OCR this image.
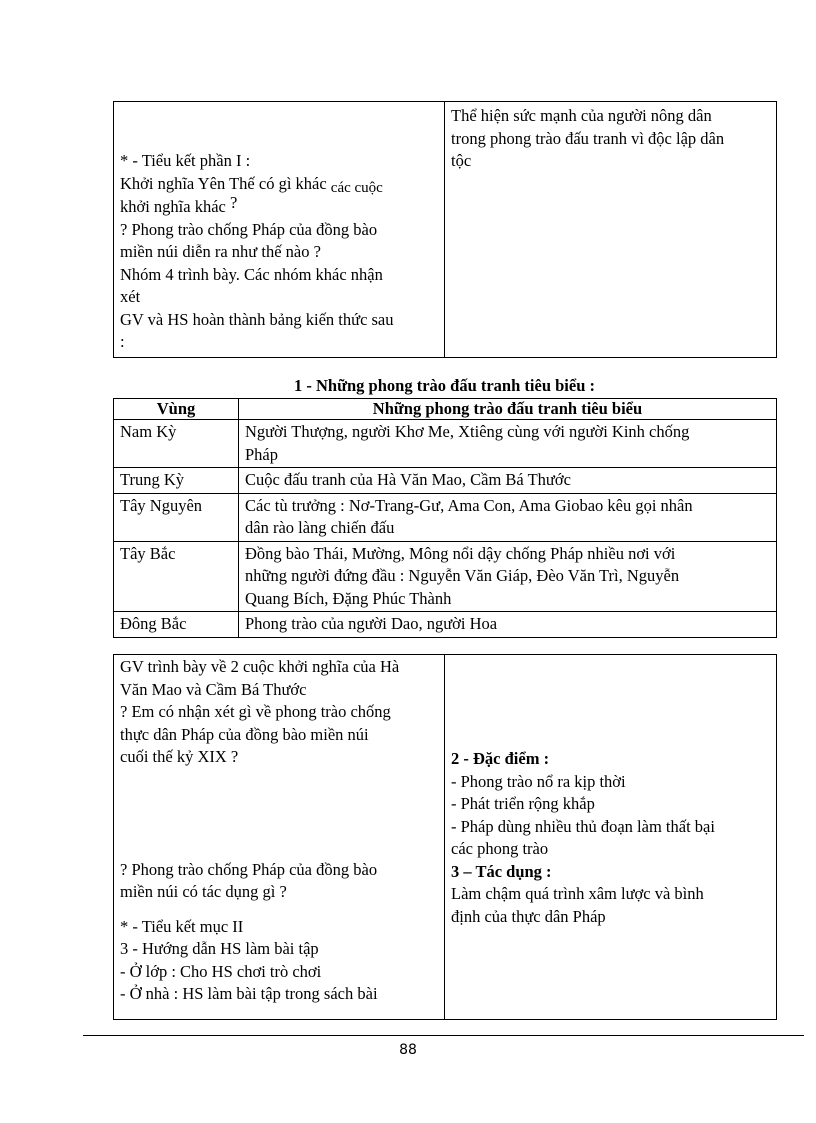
* - Tiểu kết phần I :
Khởi nghĩa Yên Thế có gì khác các cuộc
khởi nghĩa khác ?
? Phong trào chống Pháp của đồng bào
miền núi diễn ra như thế nào ?
Nhóm 4 trình bày. Các nhóm khác nhận
xét
GV và HS hoàn thành bảng kiến thức sau
:

Thể hiện sức mạnh của người nông dân
trong phong trào đấu tranh vì độc lập dân
tộc
1 - Những phong trào đấu tranh tiêu biểu :
Vùng	Những phong trào đấu tranh tiêu biểu
Nam Kỳ	Người Thượng, người Khơ Me, Xtiêng cùng với người Kinh chống
Pháp

Trung Kỳ	Cuộc đấu tranh của Hà Văn Mao, Cầm Bá Thước

Tây Nguyên	Các tù trưởng : Nơ-Trang-Gư, Ama Con, Ama Giobao kêu gọi nhân
dân rào làng chiến đấu

Tây Bắc	Đồng bào Thái, Mường, Mông nổi dậy chống Pháp nhiều nơi với
những người đứng đầu : Nguyễn Văn Giáp, Đèo Văn Trì, Nguyễn
Quang Bích, Đặng Phúc Thành

Đông Bắc	Phong trào của người Dao, người Hoa
GV trình bày về 2 cuộc khởi nghĩa của Hà
Văn Mao và Cầm Bá Thước
? Em có nhận xét gì về phong trào chống
thực dân Pháp của đồng bào miền núi
cuối thế kỷ XIX ?
? Phong trào chống Pháp của đồng bào
miền núi có tác dụng gì ?
* - Tiểu kết mục II
3 - Hướng dẫn HS làm bài tập
- Ở lớp : Cho HS chơi trò chơi
- Ở nhà : HS làm bài tập trong sách bài

2 - Đặc điểm :
- Phong trào nổ ra kịp thời
- Phát triển rộng khắp
- Pháp dùng nhiều thủ đoạn làm thất bại
các phong trào
3 – Tác dụng :
Làm chậm quá trình xâm lược và bình
định của thực dân Pháp
88
